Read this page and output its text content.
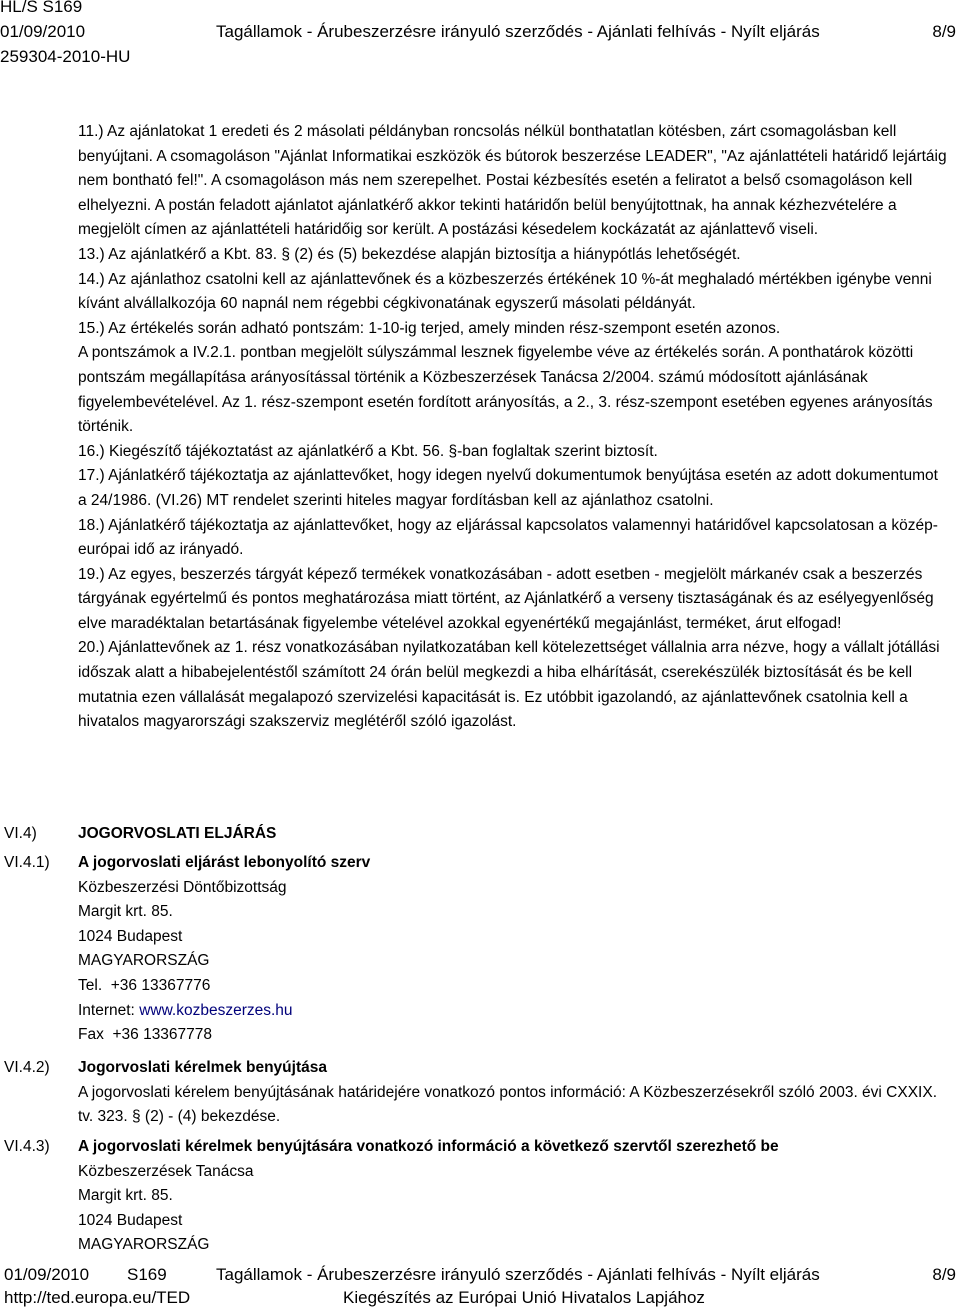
HL/S S169
01/09/2010	Tagállamok - Árubeszerzésre irányuló szerződés - Ajánlati felhívás - Nyílt eljárás	8/9
259304-2010-HU

11.) Az ajánlatokat 1 eredeti és 2 másolati példányban roncsolás nélkül bonthatatlan kötésben, zárt csomagolásban kell benyújtani. A csomagoláson "Ajánlat Informatikai eszközök és bútorok beszerzése LEADER", "Az ajánlattételi határidő lejártáig nem bontható fel!". A csomagoláson más nem szerepelhet. Postai kézbesítés esetén a feliratot a belső csomagoláson kell elhelyezni. A postán feladott ajánlatot ajánlatkérő akkor tekinti határidőn belül benyújtottnak, ha annak kézhezvételére a megjelölt címen az ajánlattételi határidőig sor került. A postázási késedelem kockázatát az ajánlattevő viseli.

13.) Az ajánlatkérő a Kbt. 83. § (2) és (5) bekezdése alapján biztosítja a hiánypótlás lehetőségét.

14.) Az ajánlathoz csatolni kell az ajánlattevőnek és a közbeszerzés értékének 10 %-át meghaladó mértékben igénybe venni kívánt alvállalkozója 60 napnál nem régebbi cégkivonatának egyszerű másolati példányát.

15.) Az értékelés során adható pontszám: 1-10-ig terjed, amely minden rész-szempont esetén azonos.

A pontszámok a IV.2.1. pontban megjelölt súlyszámmal lesznek figyelembe véve az értékelés során. A ponthatárok közötti pontszám megállapítása arányosítással történik a Közbeszerzések Tanácsa 2/2004. számú módosított ajánlásának figyelembevételével. Az 1. rész-szempont esetén fordított arányosítás, a 2., 3. rész-szempont esetében egyenes arányosítás történik.

16.) Kiegészítő tájékoztatást az ajánlatkérő a Kbt. 56. §-ban foglaltak szerint biztosít.

17.) Ajánlatkérő tájékoztatja az ajánlattevőket, hogy idegen nyelvű dokumentumok benyújtása esetén az adott dokumentumot a 24/1986. (VI.26) MT rendelet szerinti hiteles magyar fordításban kell az ajánlathoz csatolni.

18.) Ajánlatkérő tájékoztatja az ajánlattevőket, hogy az eljárással kapcsolatos valamennyi határidővel kapcsolatosan a közép-európai idő az irányadó.

19.) Az egyes, beszerzés tárgyát képező termékek vonatkozásában - adott esetben - megjelölt márkanév csak a beszerzés tárgyának egyértelmű és pontos meghatározása miatt történt, az Ajánlatkérő a verseny tisztaságának és az esélyegyenlőség elve maradéktalan betartásának figyelembe vételével azokkal egyenértékű megajánlást, terméket, árut elfogad!

20.) Ajánlattevőnek az 1. rész vonatkozásában nyilatkozatában kell kötelezettséget vállalnia arra nézve, hogy a vállalt jótállási időszak alatt a hibabejelentéstől számított 24 órán belül megkezdi a hiba elhárítását, cserekészülék biztosítását és be kell mutatnia ezen vállalását megalapozó szervizelési kapacitását is. Ez utóbbit igazolandó, az ajánlattevőnek csatolnia kell a hivatalos magyarországi szakszerviz meglétéről szóló igazolást.

VI.4)	JOGORVOSLATI ELJÁRÁS
VI.4.1) A jogorvoslati eljárást lebonyolító szerv

Közbeszerzési Döntőbizottság

Margit krt. 85.

1024 Budapest

MAGYARORSZÁG

Tel. +36 13367776

Internet: www.kozbeszerzes.hu

Fax +36 13367778

VI.4.2) Jogorvoslati kérelmek benyújtása

A jogorvoslati kérelem benyújtásának határidejére vonatkozó pontos információ: A Közbeszerzésekről szóló 2003. évi CXXIX. tv. 323. § (2) - (4) bekezdése.

VI.4.3) A jogorvoslati kérelmek benyújtására vonatkozó információ a következő szervtől szerezhető be

Közbeszerzések Tanácsa

Margit krt. 85.

1024 Budapest

MAGYARORSZÁG

01/09/2010 S169	Tagállamok - Árubeszerzésre irányuló szerződés - Ajánlati felhívás - Nyílt eljárás	8/9
http://ted.europa.eu/TED	Kiegészítés az Európai Unió Hivatalos Lapjához
